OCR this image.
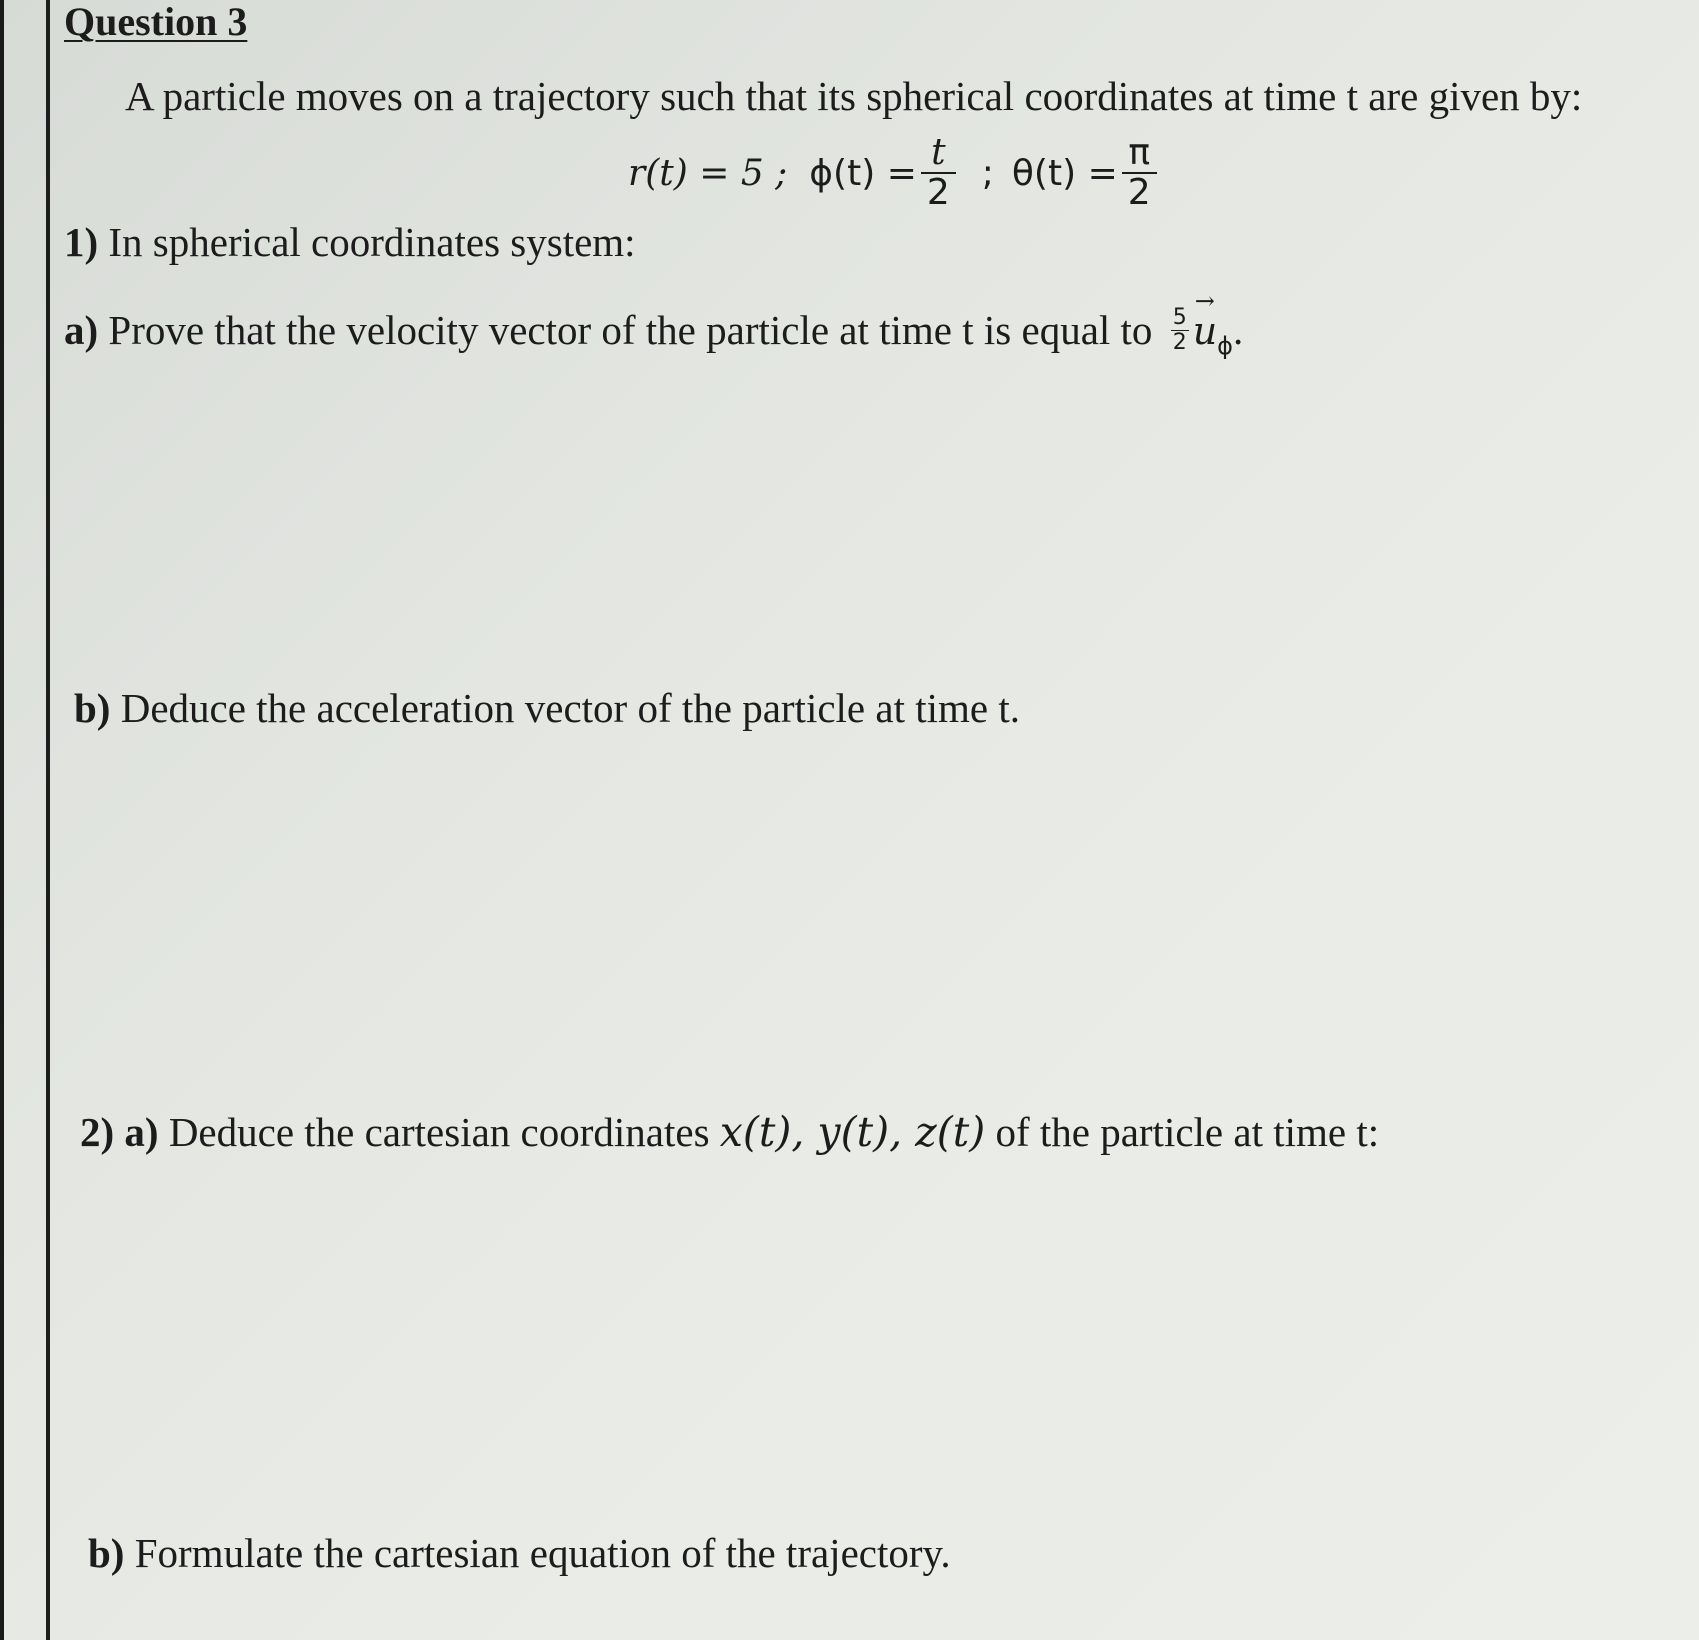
Question 3
A particle moves on a trajectory such that its spherical coordinates at time t are given by:
r(t) = 5 ; $\phi(t) = \frac{t}{2}$ ; $\theta(t) = \frac{\pi}{2}$
1) In spherical coordinates system:
a) Prove that the velocity vector of the particle at time t is equal to $\frac{5}{2}$
→
$u_\phi$.
b) Deduce the acceleration vector of the particle at time t.
2) a) Deduce the cartesian coordinates x(t), y(t), z(t) of the particle at time t:
b) Formulate the cartesian equation of the trajectory.
